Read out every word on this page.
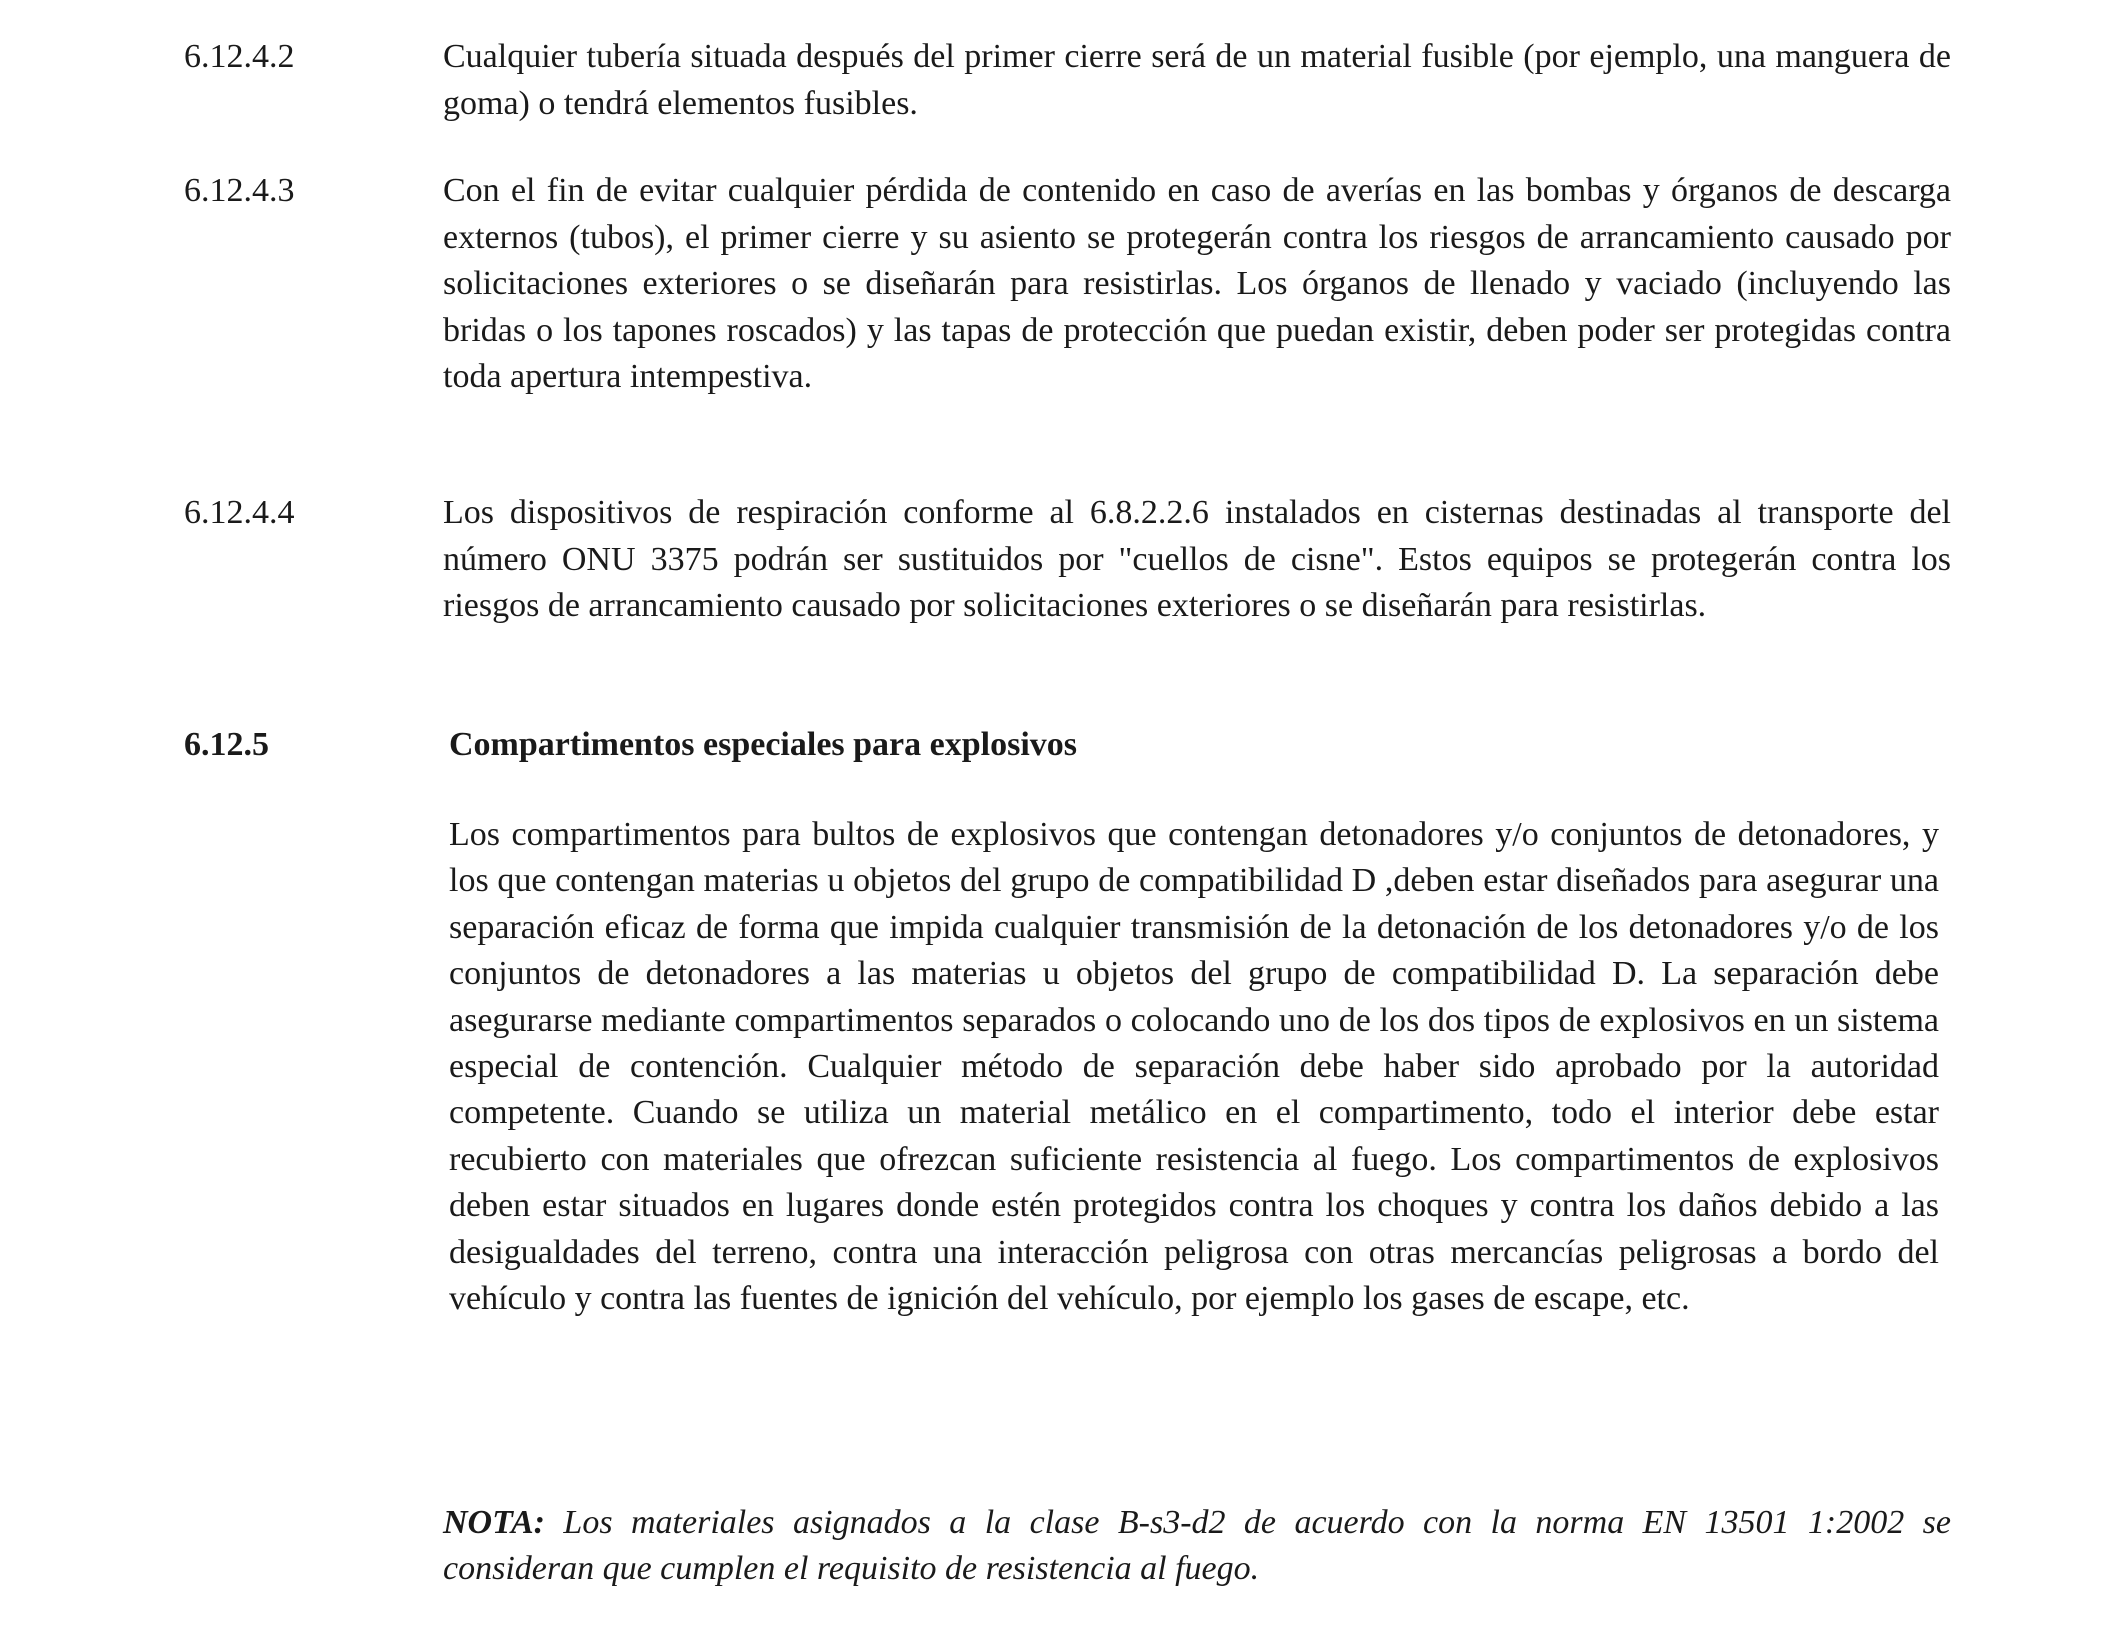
6.12.4.2	Cualquier tubería situada después del primer cierre será de un material fusible (por ejemplo, una manguera de goma) o tendrá elementos fusibles.
6.12.4.3	Con el fin de evitar cualquier pérdida de contenido en caso de averías en las bombas y órganos de descarga externos (tubos), el primer cierre y su asiento se protegerán contra los riesgos de arrancamiento causado por solicitaciones exteriores o se diseñarán para resistirlas. Los órganos de llenado y vaciado (incluyendo las bridas o los tapones roscados) y las tapas de protección que puedan existir, deben poder ser protegidas contra toda apertura intempestiva.
6.12.4.4	Los dispositivos de respiración conforme al 6.8.2.2.6 instalados en cisternas destinadas al transporte del número ONU 3375 podrán ser sustituidos por "cuellos de cisne". Estos equipos se protegerán contra los riesgos de arrancamiento causado por solicitaciones exteriores o se diseñarán para resistirlas.
6.12.5	Compartimentos especiales para explosivos
Los compartimentos para bultos de explosivos que contengan detonadores y/o conjuntos de detonadores, y los que contengan materias u objetos del grupo de compatibilidad D ,deben estar diseñados para asegurar una separación eficaz de forma que impida cualquier transmisión de la detonación de los detonadores y/o de los conjuntos de detonadores a las materias u objetos del grupo de compatibilidad D. La separación debe asegurarse mediante compartimentos separados o colocando uno de los dos tipos de explosivos en un sistema especial de contención. Cualquier método de separación debe haber sido aprobado por la autoridad competente. Cuando se utiliza un material metálico en el compartimento, todo el interior debe estar recubierto con materiales que ofrezcan suficiente resistencia al fuego. Los compartimentos de explosivos deben estar situados en lugares donde estén protegidos contra los choques y contra los daños debido a las desigualdades del terreno, contra una interacción peligrosa con otras mercancías peligrosas a bordo del vehículo y contra las fuentes de ignición del vehículo, por ejemplo los gases de escape, etc.
NOTA: Los materiales asignados a la clase B-s3-d2 de acuerdo con la norma EN 13501 1:2002 se consideran que cumplen el requisito de resistencia al fuego.
